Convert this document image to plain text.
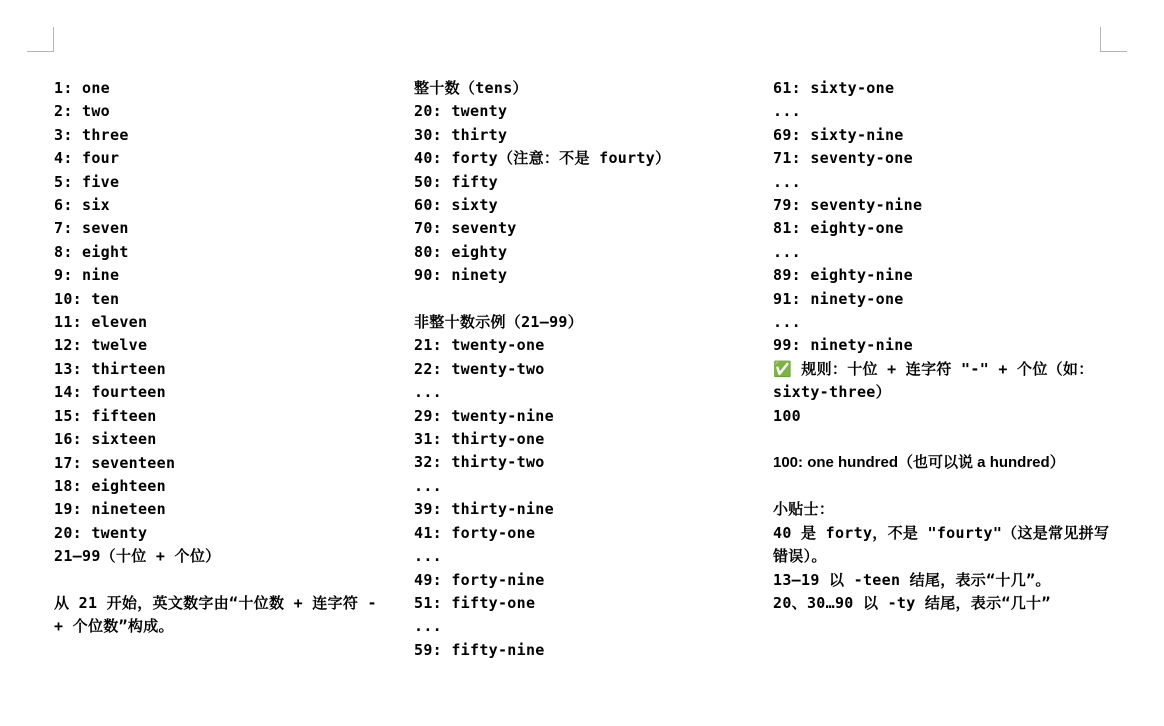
1: one
2: two
3: three
4: four
5: five
6: six
7: seven
8: eight
9: nine
10: ten
11: eleven
12: twelve
13: thirteen
14: fourteen
15: fifteen
16: sixteen
17: seventeen
18: eighteen
19: nineteen
20: twenty
21–99（十位 + 个位）
从 21 开始，英文数字由“十位数 + 连字符 - + 个位数”构成。
整十数（tens）
20: twenty
30: thirty
40: forty（注意：不是 fourty）
50: fifty
60: sixty
70: seventy
80: eighty
90: ninety
非整十数示例（21–99）
21: twenty-one
22: twenty-two
...
29: twenty-nine
31: thirty-one
32: thirty-two
...
39: thirty-nine
41: forty-one
...
49: forty-nine
51: fifty-one
...
59: fifty-nine
61: sixty-one
...
69: sixty-nine
71: seventy-one
...
79: seventy-nine
81: eighty-one
...
89: eighty-nine
91: ninety-one
...
99: ninety-nine
✅ 规则：十位 + 连字符 "-" + 个位（如：sixty-three）
100
100: one hundred（也可以说 a hundred）
小贴士：
40 是 forty，不是 "fourty"（这是常见拼写错误）。
13–19 以 -teen 结尾，表示“十几”。
20、30…90 以 -ty 结尾，表示“几十”
